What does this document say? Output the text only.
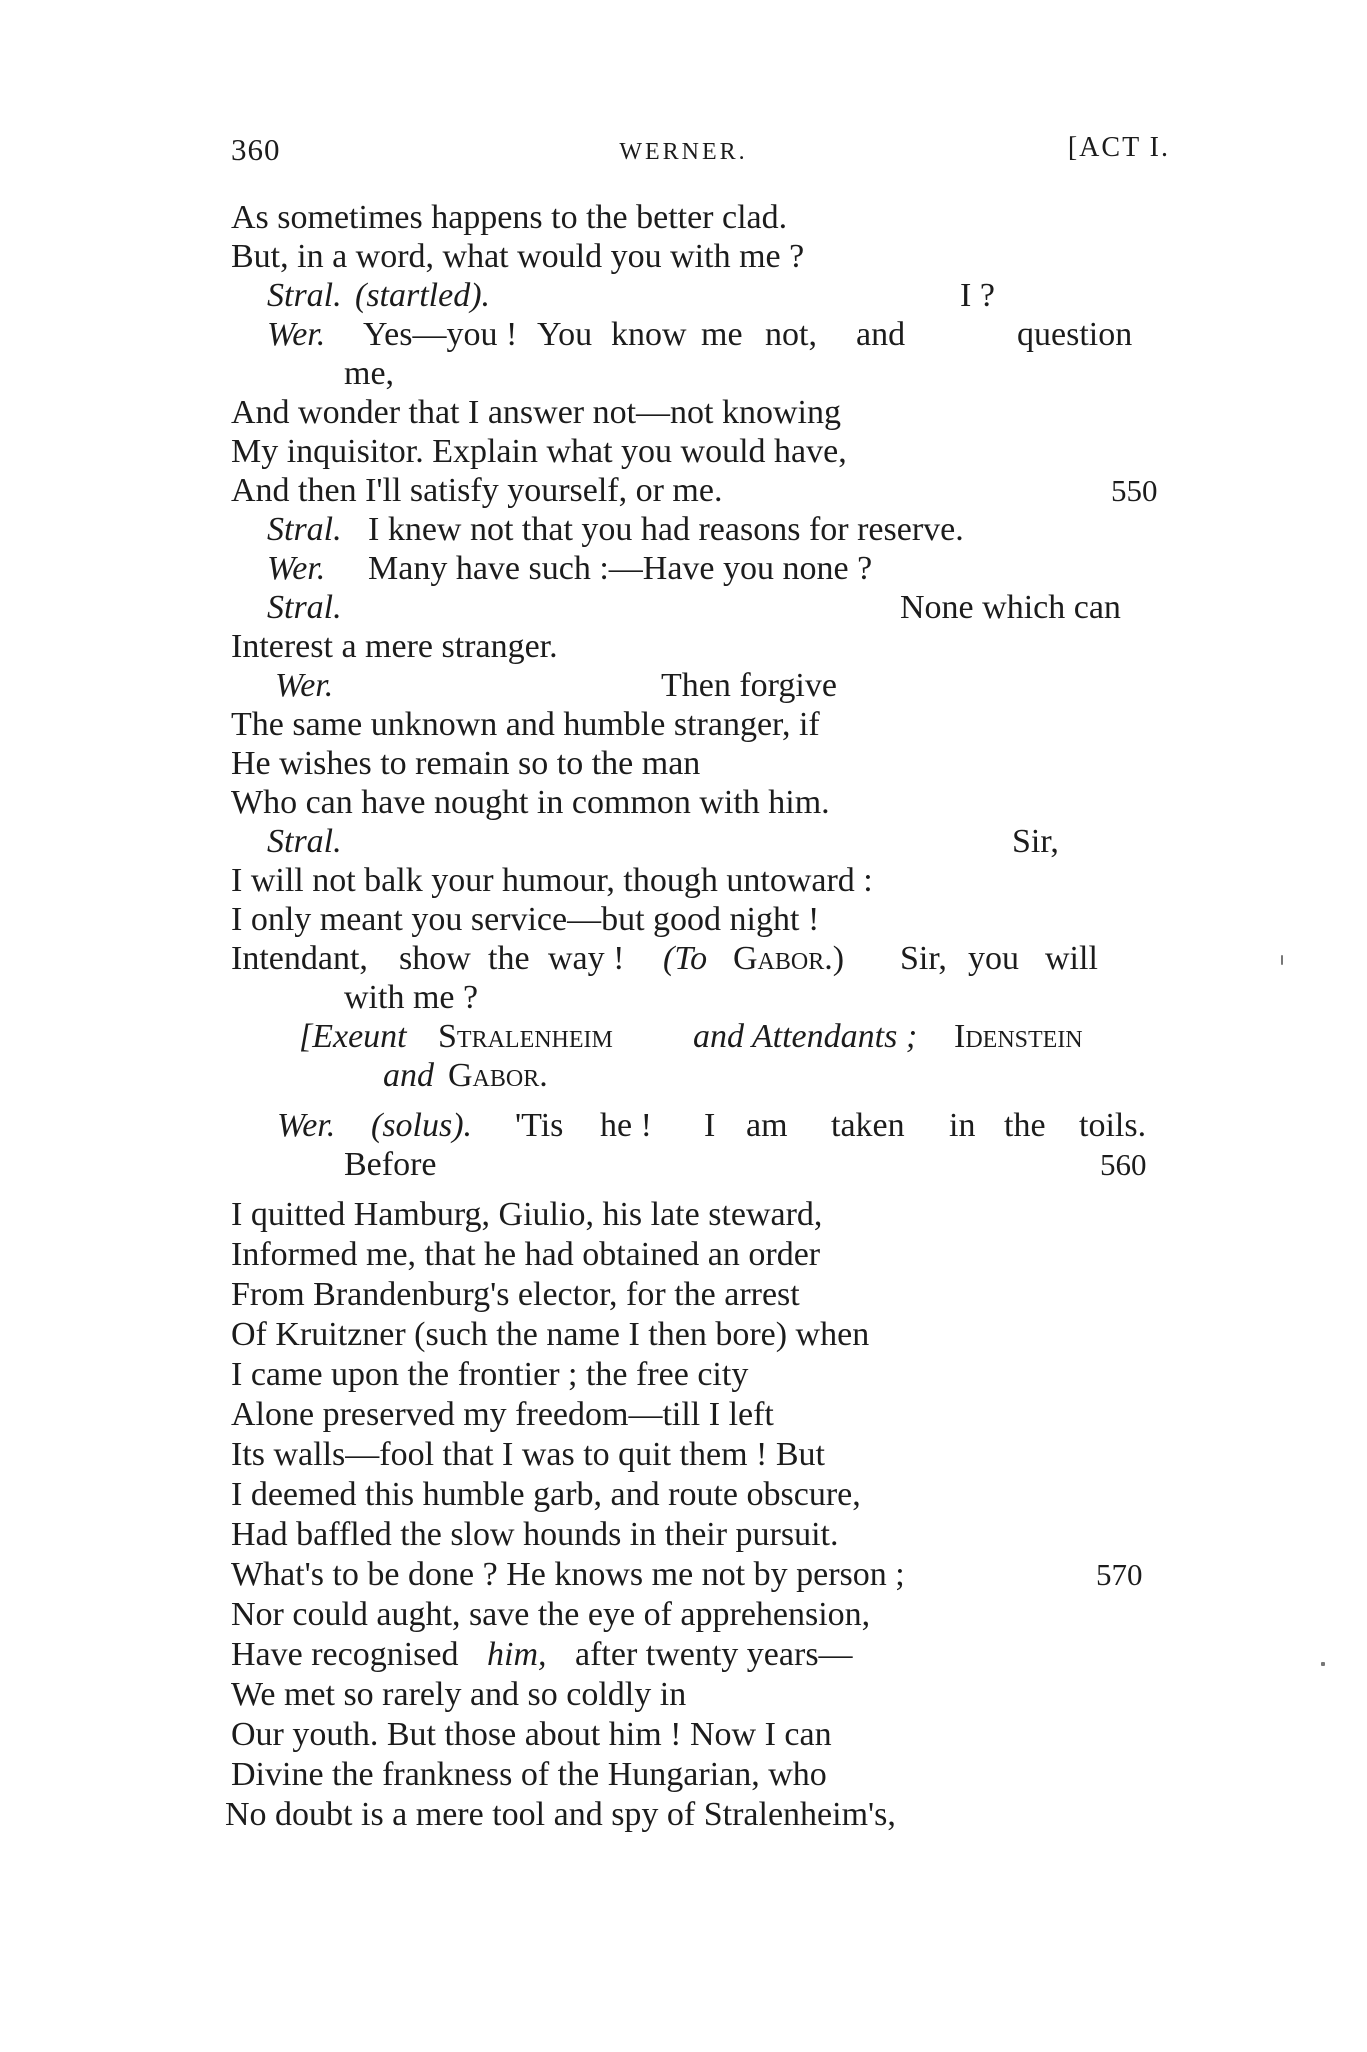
360	WERNER.	[ACT I.
As sometimes happens to the better clad.
But, in a word, what would you with me ?
Stral. (startled).	I ?
Wer. Yes—you ! You know me not, and	question
me,
And wonder that I answer not—not knowing
My inquisitor. Explain what you would have,
And then I'll satisfy yourself, or me.	550
Stral. I knew not that you had reasons for reserve.
Wer. Many have such :—Have you none ?
Stral.	None which can
Interest a mere stranger.
Wer.	Then forgive
The same unknown and humble stranger, if
He wishes to remain so to the man
Who can have nought in common with him.
Stral.	Sir,
I will not balk your humour, though untoward :
I only meant you service—but good night !
Intendant, show the way ! (To Gabor.) Sir, you will
with me ?
[Exeunt Stralenheim and Attendants ; Idenstein
and Gabor.
Wer. (solus). 'Tis he ! I am taken in the toils.
Before	560
I quitted Hamburg, Giulio, his late steward,
Informed me, that he had obtained an order
From Brandenburg's elector, for the arrest
Of Kruitzner (such the name I then bore) when
I came upon the frontier ; the free city
Alone preserved my freedom—till I left
Its walls—fool that I was to quit them ! But
I deemed this humble garb, and route obscure,
Had baffled the slow hounds in their pursuit.
What's to be done ? He knows me not by person ;	570
Nor could aught, save the eye of apprehension,
Have recognised him, after twenty years—
We met so rarely and so coldly in
Our youth. But those about him ! Now I can
Divine the frankness of the Hungarian, who
No doubt is a mere tool and spy of Stralenheim's,
